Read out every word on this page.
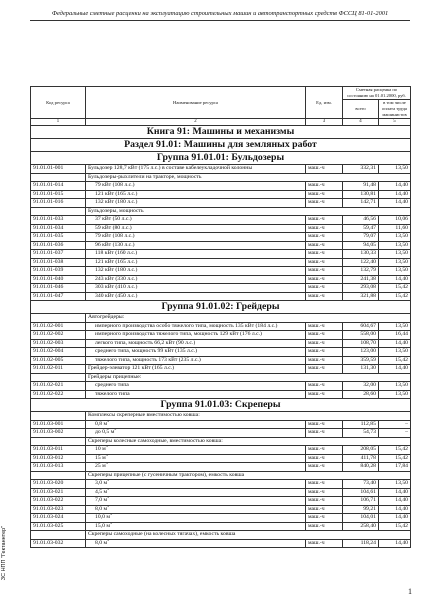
Федеральные сметные расценки на эксплуатацию строительных машин и автотранспортных средств ФССЦ 81-01-2001
Код ресурса	Наименование ресурса	Ед. изм.	Сметная расценка по состоянию на 01.01.2000, руб.	
			всего	в том числе оплата труда машинистов
1	2	3	4	5
Книга 91: Машины и механизмы				
Раздел 91.01: Машины для земляных работ				
Группа 91.01.01: Бульдозеры				
91.01.01-001	Бульдозер 128,7 кВт (175 л.с.) в составе кабелеукладочной колонны	маш.-ч	332,31	13,50
	Бульдозеры-рыхлители на тракторе, мощность			
91.01.01-014	79 кВт (108 л.с.)	маш.-ч	91,48	14,40
91.01.01-015	121 кВт (165 л.с.)	маш.-ч	130,81	14,40
91.01.01-016	132 кВт (180 л.с.)	маш.-ч	142,71	14,40
	Бульдозеры, мощность			
91.01.01-033	37 кВт (50 л.с.)	маш.-ч	46,56	10,06
91.01.01-034	59 кВт (80 л.с.)	маш.-ч	59,47	11,60
91.01.01-035	79 кВт (108 л.с.)	маш.-ч	79,07	13,50
91.01.01-036	96 кВт (130 л.с.)	маш.-ч	94,05	13,50
91.01.01-037	118 кВт (160 л.с.)	маш.-ч	130,33	13,50
91.01.01-038	121 кВт (165 л.с.)	маш.-ч	122,40	13,50
91.01.01-039	132 кВт (180 л.с.)	маш.-ч	132,79	13,50
91.01.01-040	243 кВт (330 л.с.)	маш.-ч	241,38	14,40
91.01.01-046	303 кВт (410 л.с.)	маш.-ч	293,08	15,42
91.01.01-047	340 кВт (450 л.с.)	маш.-ч	321,88	15,42
Группа 91.01.02: Грейдеры				
	Автогрейдеры:			
91.01.02-001	имперного производства особо тяжелого типа, мощность 135 кВт (184 л.с.)	маш.-ч	604,67	13,50
91.01.02-002	имперного производства тяжелого типа, мощность 129 кВт (176 л.с.)	маш.-ч	558,00	16,44
91.01.02-003	легкого типа, мощность 66,2 кВт (90 л.с.)	маш.-ч	108,70	14,40
91.01.02-004	среднего типа, мощность 99 кВт (135 л.с.)	маш.-ч	123,00	13,50
91.01.02-005	тяжелого типа, мощность 173 кВт (235 л.с.)	маш.-ч	359,59	15,42
91.01.02-011	Грейдер-элеватор 121 кВт (165 л.с.)	маш.-ч	131,30	14,40
	Грейдеры прицепные:			
91.01.02-021	среднего типа	маш.-ч	32,00	13,50
91.01.02-022	тяжелого типа	маш.-ч	28,60	13,50
Группа 91.01.03: Скреперы				
	Комплексы скреперные вместимостью ковша:			
91.01.03-001	0,8 $м^3$	маш.-ч	112,85	–
91.01.03-002	до 0,5 $м^3$	маш.-ч	54,73	–
	Скреперы колесные самоходные, вместимостью ковша:			
91.01.03-011	10 $м^3$	маш.-ч	208,05	15,42
91.01.03-012	15 $м^3$	маш.-ч	411,78	15,42
91.01.03-013	25 $м^3$	маш.-ч	840,28	17,84
	Скреперы прицепные (с гусеничным трактором), емкость ковша			
91.01.03-020	3,0 $м^3$	маш.-ч	73,40	13,50
91.01.03-021	4,5 $м^3$	маш.-ч	104,61	14,40
91.01.03-022	7,0 $м^3$	маш.-ч	106,71	14,40
91.01.03-023	8,0 $м^3$	маш.-ч	99,21	14,40
91.01.03-024	10,0 $м^3$	маш.-ч	104,01	14,40
91.01.03-025	15,0 $м^3$	маш.-ч	258,40	15,42
	Скреперы самоходные (на колесных тягачах), емкость ковша			
91.01.03-032	8,0 $м^3$	маш.-ч	118,24	14,40
ЗС НПП "Гектаннтер"
1
